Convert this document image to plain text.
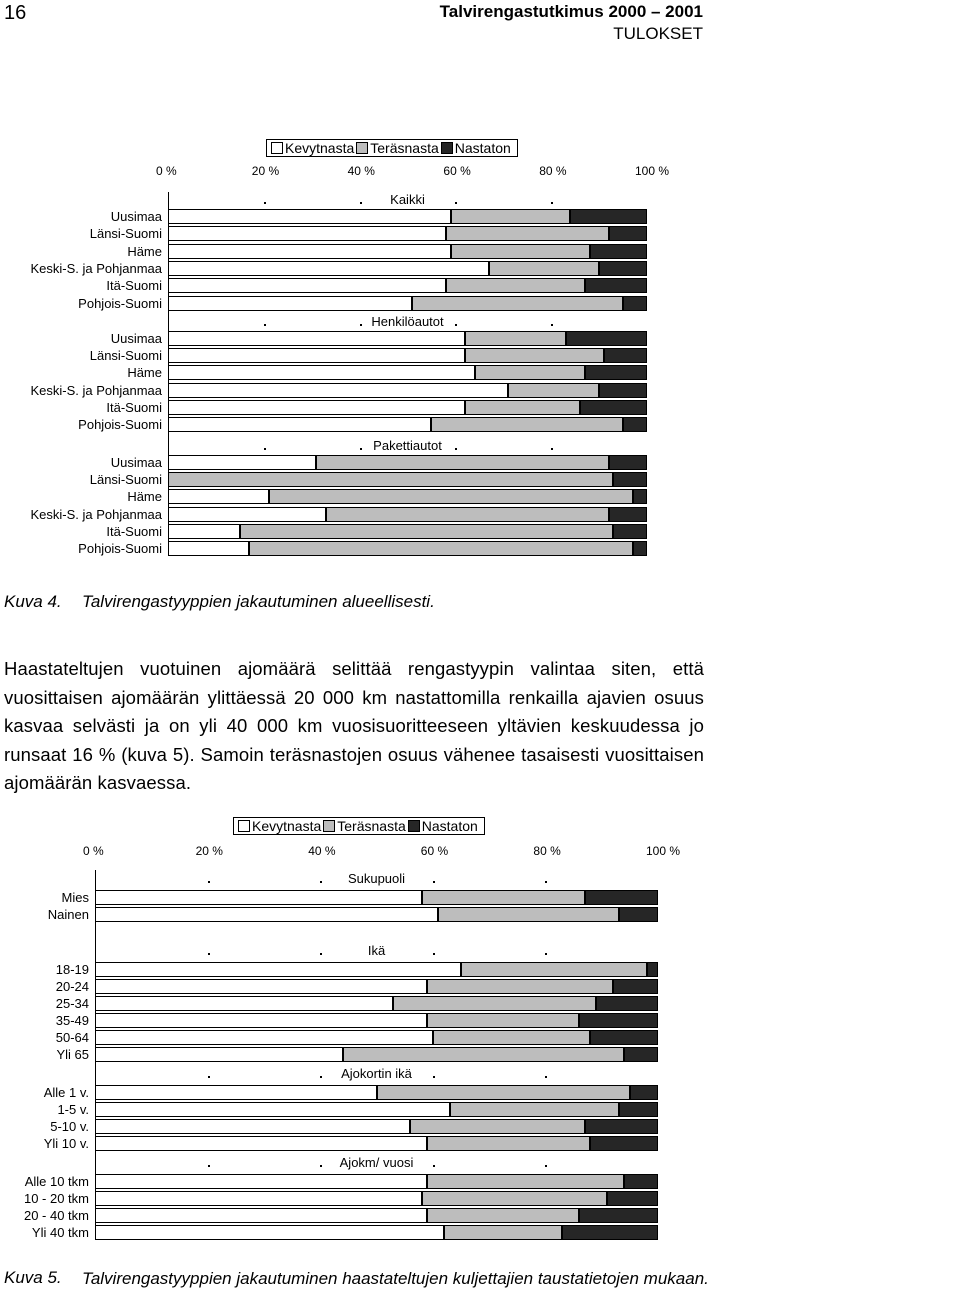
16	Talvirengastutkimus 2000 – 2001
TULOKSET
Kevytnasta Teräsnasta Nastaton
0 %	20 %	40 %	60 %	80 %	100 %
Kaikki
Uusimaa
Länsi-Suomi
Häme
Keski-S. ja Pohjanmaa
Itä-Suomi
Pohjois-Suomi
Henkilöautot
Uusimaa
Länsi-Suomi
Häme
Keski-S. ja Pohjanmaa
Itä-Suomi
Pohjois-Suomi
Pakettiautot
Uusimaa
Länsi-Suomi
Häme
Keski-S. ja Pohjanmaa
Itä-Suomi
Pohjois-Suomi
Kuva 4. Talvirengastyyppien jakautuminen alueellisesti.
Haastateltujen vuotuinen ajomäärä selittää rengastyypin valintaa siten, että vuosittaisen ajomäärän ylittäessä 20 000 km nastattomilla renkailla ajavien osuus kasvaa selvästi ja on yli 40 000 km vuosisuoritteeseen yltävien keskuudessa jo runsaat 16 % (kuva 5). Samoin teräsnastojen osuus vähenee tasaisesti vuosittaisen ajomäärän kasvaessa.
Kevytnasta Teräsnasta Nastaton
0 %	20 %	40 %	60 %	80 %	100 %
Sukupuoli
Mies
Nainen
Ikä
18-19
20-24
25-34
35-49
50-64
Yli 65
Ajokortin ikä
Alle 1 v.
1-5 v.
5-10 v.
Yli 10 v.
Ajokm/ vuosi
Alle 10 tkm
10 - 20 tkm
20 - 40 tkm
Yli 40 tkm
Kuva 5. Talvirengastyyppien jakautuminen haastateltujen kuljettajien taustatietojen mukaan.
